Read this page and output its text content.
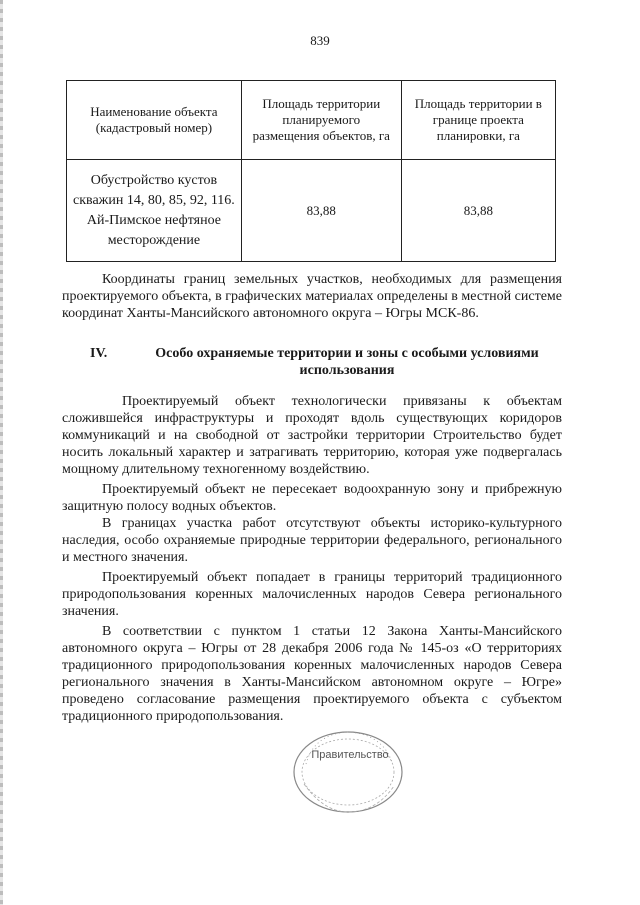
839
Наименование объекта (кадастровый номер)	Площадь территории планируемого размещения объектов, га	Площадь территории в границе проекта планировки, га
Обустройство кустов скважин 14, 80, 85, 92, 116. Ай-Пимское нефтяное месторождение	83,88	83,88
Координаты границ земельных участков, необходимых для размещения проектируемого объекта, в графических материалах определены в местной системе координат Ханты-Мансийского автономного округа – Югры МСК-86.
IV.	Особо охраняемые территории и зоны с особыми условиями использования
Проектируемый объект технологически привязаны к объектам сложившейся инфраструктуры и проходят вдоль существующих коридоров коммуникаций и на свободной от застройки территории Строительство будет носить локальный характер и затрагивать территорию, которая уже подвергалась мощному длительному техногенному воздействию.
Проектируемый объект не пересекает водоохранную зону и прибрежную защитную полосу водных объектов.
В границах участка работ отсутствуют объекты историко-культурного наследия, особо охраняемые природные территории федерального, регионального и местного значения.
Проектируемый объект попадает в границы территорий традиционного природопользования коренных малочисленных народов Севера регионального значения.
В соответствии с пунктом 1 статьи 12 Закона Ханты-Мансийского автономного округа – Югры от 28 декабря 2006 года № 145-оз «О территориях традиционного природопользования коренных малочисленных народов Севера регионального значения в Ханты-Мансийском автономном округе – Югре» проведено согласование размещения проектируемого объекта с субъектом традиционного природопользования.
Правительство
